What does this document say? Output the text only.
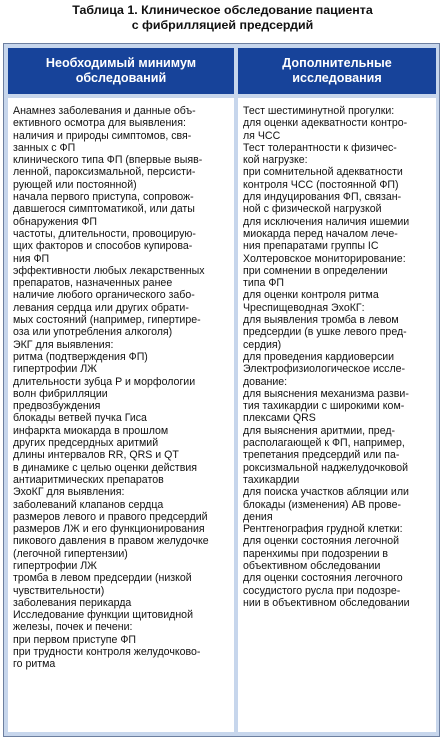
Таблица 1. Клиническое обследование пациента
с фибрилляцией предсердий
Необходимый минимум
обследований
Дополнительные
исследования
Анамнез заболевания и данные объ-
ективного осмотра для выявления:
наличия и природы симптомов, свя-
занных с ФП
клинического типа ФП (впервые выяв-
ленной, пароксизмальной, персисти-
рующей или постоянной)
начала первого приступа, сопровож-
давшегося симптоматикой, или даты
обнаружения ФП
частоты, длительности, провоцирую-
щих факторов и способов купирова-
ния ФП
эффективности любых лекарственных
препаратов, назначенных ранее
наличие любого органического забо-
левания сердца или других обрати-
мых состояний (например, гипертире-
оза или употребления алкоголя)
ЭКГ для выявления:
ритма (подтверждения ФП)
гипертрофии ЛЖ
длительности зубца P и морфологии
волн фибрилляции
предвозбуждения
блокады ветвей пучка Гиса
инфаркта миокарда в прошлом
других предсердных аритмий
длины интервалов RR, QRS и QT
в динамике с целью оценки действия
антиаритмических препаратов
ЭхоКГ для выявления:
заболеваний клапанов сердца
размеров левого и правого предсердий
размеров ЛЖ и его функционирования
пикового давления в правом желудочке
(легочной гипертензии)
гипертрофии ЛЖ
тромба в левом предсердии (низкой
чувствительности)
заболевания перикарда
Исследование функции щитовидной
железы, почек и печени:
при первом приступе ФП
при трудности контроля желудочково-
го ритма
Тест шестиминутной прогулки:
для оценки адекватности контро-
ля ЧСС
Тест толерантности к физичес-
кой нагрузке:
при сомнительной адекватности
контроля ЧСС (постоянной ФП)
для индуцирования ФП, связан-
ной с физической нагрузкой
для исключения наличия ишемии
миокарда перед началом лече-
ния препаратами группы IC
Холтеровское мониторирование:
при сомнении в определении
типа ФП
для оценки контроля ритма
Чреспищеводная ЭхоКГ:
для выявления тромба в левом
предсердии (в ушке левого пред-
сердия)
для проведения кардиоверсии
Электрофизиологическое иссле-
дование:
для выяснения механизма разви-
тия тахикардии с широкими ком-
плексами QRS
для выяснения аритмии, пред-
располагающей к ФП, например,
трепетания предсердий или па-
роксизмальной наджелудочковой
тахикардии
для поиска участков абляции или
блокады (изменения) АВ прове-
дения
Рентгенография грудной клетки:
для оценки состояния легочной
паренхимы при подозрении в
объективном обследовании
для оценки состояния легочного
сосудистого русла при подозре-
нии в объективном обследовании
